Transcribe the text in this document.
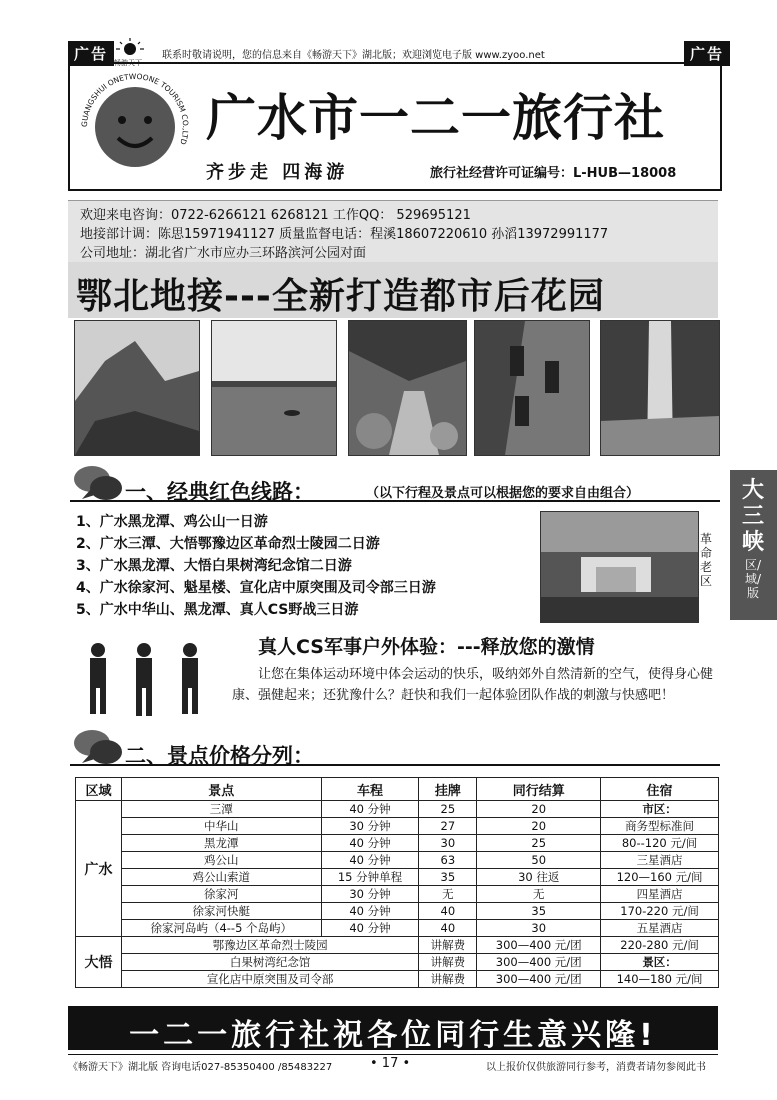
广告 畅游天下
联系时敬请说明，您的信息来自《畅游天下》湖北版；欢迎浏览电子版 www.zyoo.net	广告
GUANGSHUI ONETWOONE TOURISM CO.,LTD 广水市一二一旅行社
齐步走 四海游	旅行社经营许可证编号：L-HUB—18008
欢迎来电咨询：0722-6266121 6268121 工作QQ： 529695121
地接部计调：陈思15971941127 质量监督电话：程溪18607220610 孙滔13972991177
公司地址：湖北省广水市应办三环路滨河公园对面
鄂北地接---全新打造都市后花园
一、经典红色线路：	（以下行程及景点可以根据您的要求自由组合）
1、广水黑龙潭、鸡公山一日游
2、广水三潭、大悟鄂豫边区革命烈士陵园二日游
3、广水黑龙潭、大悟白果树湾纪念馆二日游
4、广水徐家河、魁星楼、宣化店中原突围及司令部三日游
5、广水中华山、黑龙潭、真人CS野战三日游
革命老区
真人CS军事户外体验：---释放您的激情
让您在集体运动环境中体会运动的快乐，吸纳郊外自然清新的空气，使得身心健康、强健起来；还犹豫什么？赶快和我们一起体验团队作战的刺激与快感吧！
二、景点价格分列：
区域	景点	车程	挂牌	同行结算	住宿
广水	三潭	40 分钟	25	20	市区：
	中华山	30 分钟	27	20	商务型标准间
	黑龙潭	40 分钟	30	25	80--120 元/间
	鸡公山	40 分钟	63	50	三星酒店
	鸡公山索道	15 分钟单程	35	30 往返	120—160 元/间
	徐家河	30 分钟	无	无	四星酒店
	徐家河快艇	40 分钟	40	35	170-220 元/间
	徐家河岛屿（4--5 个岛屿）	40 分钟	40	30	五星酒店
大悟	鄂豫边区革命烈士陵园		讲解费	300—400 元/团	220-280 元/间
	白果树湾纪念馆		讲解费	300—400 元/团	景区：
	宣化店中原突围及司令部		讲解费	300—400 元/团	140—180 元/间
一二一旅行社祝各位同行生意兴隆!
大三峡
区/域/版
《畅游天下》湖北版 咨询电话027-85350400 /85483227	• 17 •	以上报价仅供旅游同行参考，消费者请勿参阅此书
